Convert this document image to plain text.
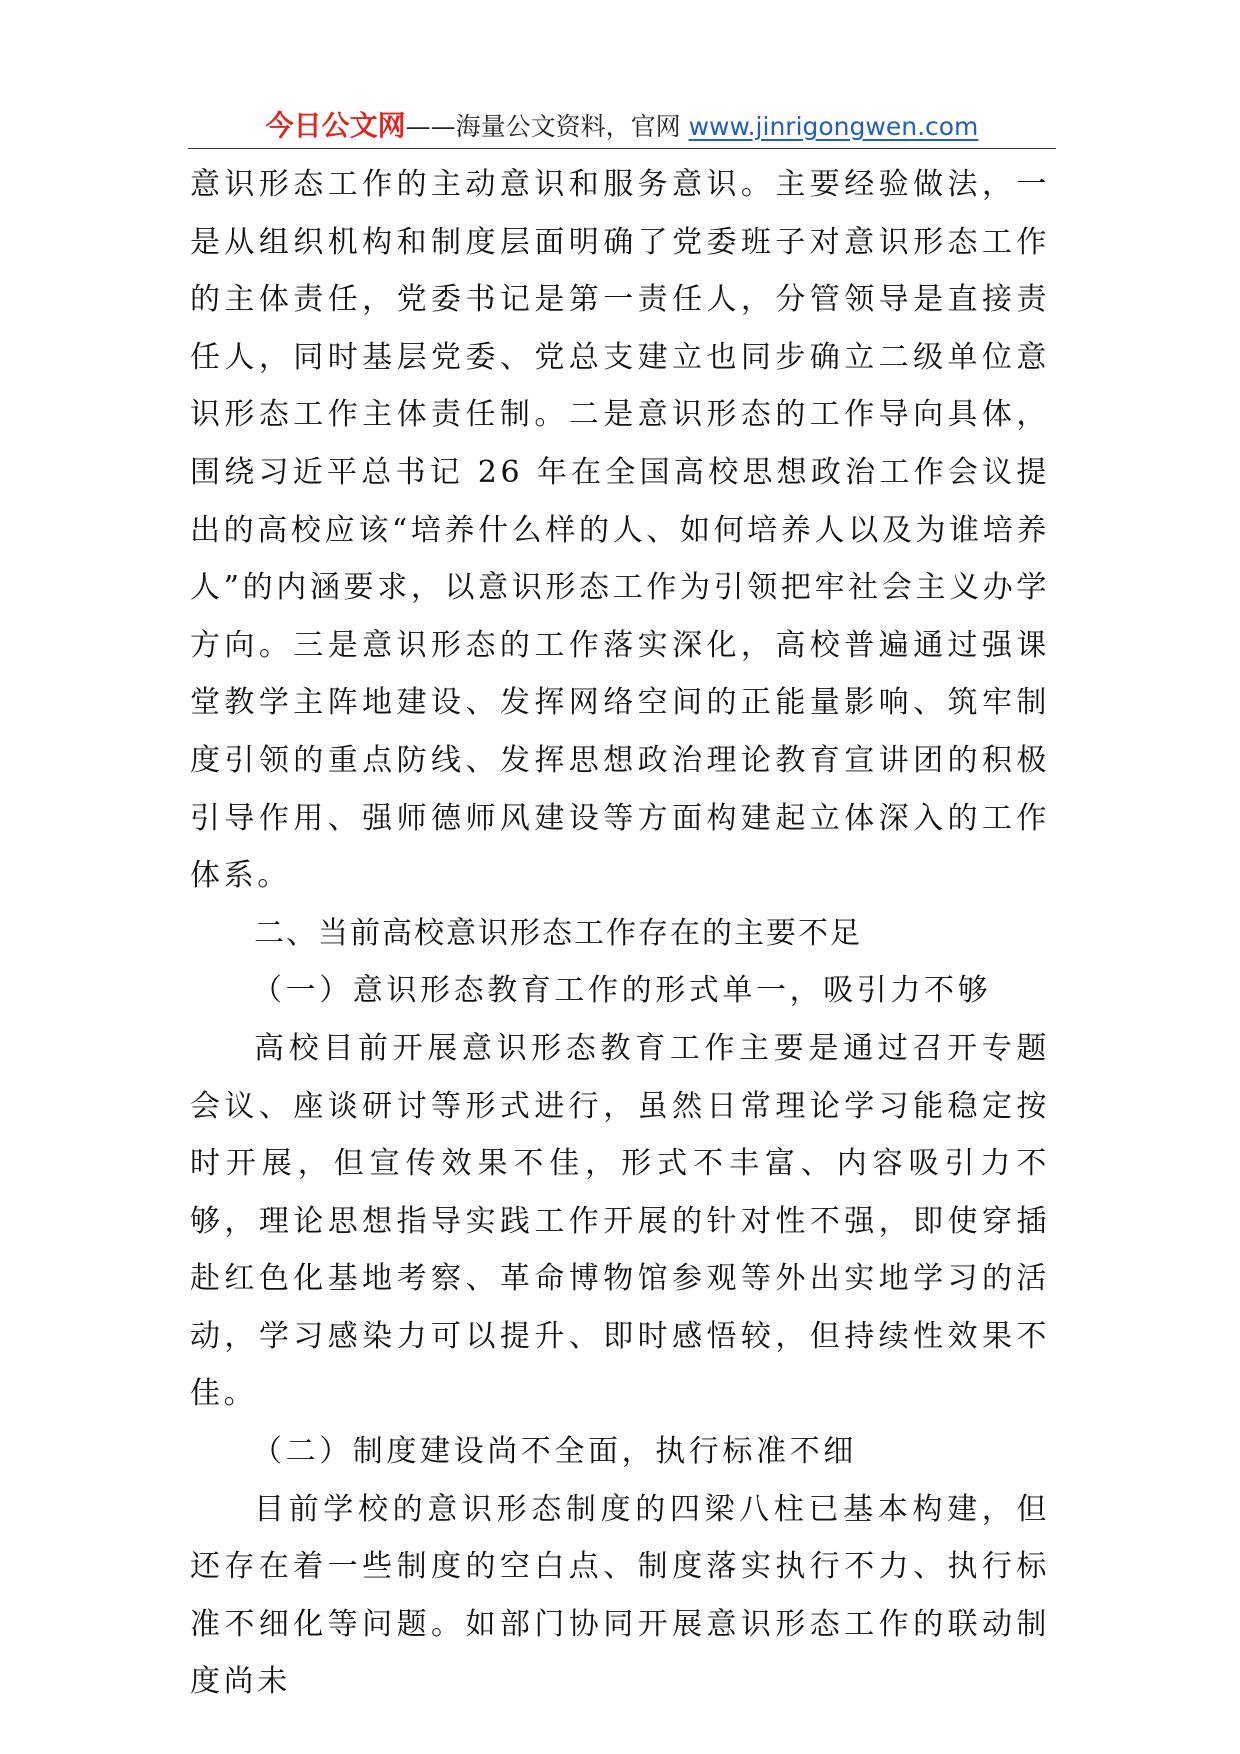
今日公文网——海量公文资料，官网 www.jinrigongwen.com

意识形态工作的主动意识和服务意识。主要经验做法，一是从组织机构和制度层面明确了党委班子对意识形态工作的主体责任，党委书记是第一责任人，分管领导是直接责任人，同时基层党委、党总支建立也同步确立二级单位意识形态工作主体责任制。二是意识形态的工作导向具体，围绕习近平总书记 26 年在全国高校思想政治工作会议提出的高校应该“培养什么样的人、如何培养人以及为谁培养人”的内涵要求，以意识形态工作为引领把牢社会主义办学方向。三是意识形态的工作落实深化，高校普遍通过强课堂教学主阵地建设、发挥网络空间的正能量影响、筑牢制度引领的重点防线、发挥思想政治理论教育宣讲团的积极引导作用、强师德师风建设等方面构建起立体深入的工作体系。

二、当前高校意识形态工作存在的主要不足
（一）意识形态教育工作的形式单一，吸引力不够

高校目前开展意识形态教育工作主要是通过召开专题会议、座谈研讨等形式进行，虽然日常理论学习能稳定按时开展，但宣传效果不佳，形式不丰富、内容吸引力不够，理论思想指导实践工作开展的针对性不强，即使穿插赴红色化基地考察、革命博物馆参观等外出实地学习的活动，学习感染力可以提升、即时感悟较，但持续性效果不佳。

（二）制度建设尚不全面，执行标准不细

目前学校的意识形态制度的四梁八柱已基本构建，但还存在着一些制度的空白点、制度落实执行不力、执行标准不细化等问题。如部门协同开展意识形态工作的联动制度尚未
